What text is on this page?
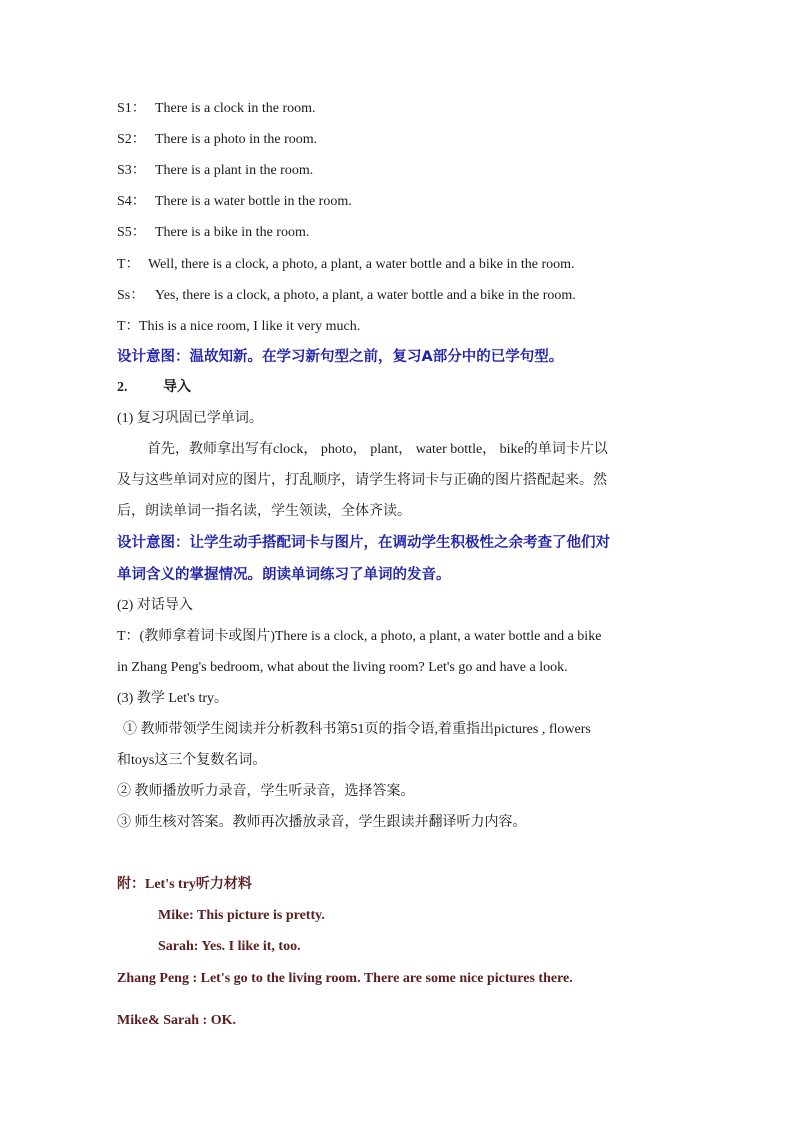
S1： There is a clock in the room.
S2： There is a photo in the room.
S3： There is a plant in the room.
S4： There is a water bottle in the room.
S5： There is a bike in the room.
T： Well, there is a clock, a photo, a plant, a water bottle and a bike in the room.
Ss： Yes, there is a clock, a photo, a plant, a water bottle and a bike in the room.
T：This is a nice room, I like it very much.
设计意图：温故知新。在学习新句型之前，复习A部分中的已学句型。
2.	导入
(1) 复习巩固已学单词。
首先，教师拿出写有clock， photo， plant， water bottle， bike的单词卡片以
及与这些单词对应的图片，打乱顺序，请学生将词卡与正确的图片搭配起来。然
后，朗读单词一指名读，学生领读，全体齐读。
设计意图：让学生动手搭配词卡与图片，在调动学生积极性之余考查了他们对
单词含义的掌握情况。朗读单词练习了单词的发音。
(2) 对话导入
T：(教师拿着词卡或图片)There is a clock, a photo, a plant, a water bottle and a bike
in Zhang Peng's bedroom, what about the living room? Let's go and have a look.
(3) 教学 Let's try。
① 教师带领学生阅读并分析教科书第51页的指令语,着重指出pictures , flowers
和toys这三个复数名词。
② 教师播放听力录音，学生听录音，选择答案。
③ 师生核对答案。教师再次播放录音，学生跟读并翻译听力内容。
附：Let's try听力材料
Mike: This picture is pretty.
Sarah: Yes. I like it, too.
Zhang Peng : Let's go to the living room. There are some nice pictures there.
Mike& Sarah : OK.
